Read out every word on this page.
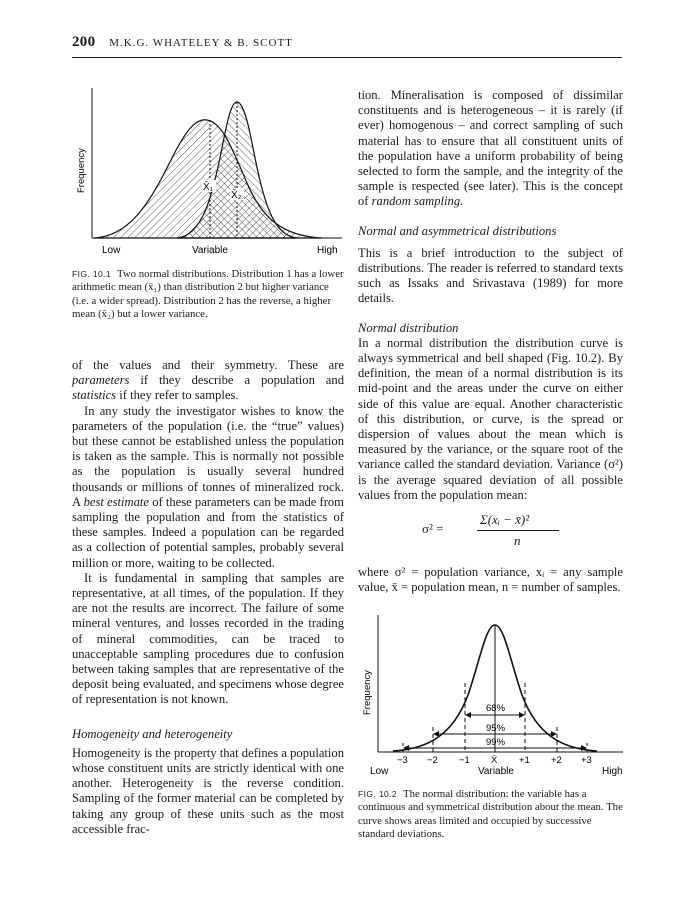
200 M.K.G. WHATELEY & B. SCOTT
X̄₁
X̄₂
Frequency
Low	Variable	High
FIG. 10.1 Two normal distributions. Distribution 1 has a lower arithmetic mean (x̄₁) than distribution 2 but higher variance (i.e. a wider spread). Distribution 2 has the reverse, a higher mean (x̄₂) but a lower variance.

of the values and their symmetry. These are parameters if they describe a population and statistics if they refer to samples.

In any study the investigator wishes to know the parameters of the population (i.e. the “true” values) but these cannot be established unless the population is taken as the sample. This is normally not possible as the population is usually several hundred thousands or millions of tonnes of mineralized rock. A best estimate of these parameters can be made from sampling the population and from the statistics of these samples. Indeed a population can be regarded as a collection of potential samples, probably several million or more, waiting to be collected.

It is fundamental in sampling that samples are representative, at all times, of the population. If they are not the results are incorrect. The failure of some mineral ventures, and losses recorded in the trading of mineral commodities, can be traced to unacceptable sampling procedures due to confusion between taking samples that are representative of the deposit being evaluated, and specimens whose degree of representation is not known.

Homogeneity and heterogeneity

Homogeneity is the property that defines a population whose constituent units are strictly identical with one another. Heterogeneity is the reverse condition. Sampling of the former material can be completed by taking any group of these units such as the most accessible frac-

tion. Mineralisation is composed of dissimilar constituents and is heterogeneous – it is rarely (if ever) homogenous – and correct sampling of such material has to ensure that all constituent units of the population have a uniform probability of being selected to form the sample, and the integrity of the sample is respected (see later). This is the concept of random sampling.

Normal and asymmetrical distributions

This is a brief introduction to the subject of distributions. The reader is referred to standard texts such as Issaks and Srivastava (1989) for more details.

Normal distribution

In a normal distribution the distribution curve is always symmetrical and bell shaped (Fig. 10.2). By definition, the mean of a normal distribution is its mid-point and the areas under the curve on either side of this value are equal. Another characteristic of this distribution, or curve, is the spread or dispersion of values about the mean which is measured by the variance, or the square root of the variance called the standard deviation. Variance (σ²) is the average squared deviation of all possible values from the population mean:

σ² =
Σ(xᵢ − x̄)²
n

where σ² = population variance, xᵢ = any sample value, x̄ = population mean, n = number of samples.

68%
95%
99%
−3 −2 −1 X̄ +1 +2 +3
Low	Variable	High
Frequency
FIG. 10.2 The normal distribution: the variable has a continuous and symmetrical distribution about the mean. The curve shows areas limited and occupied by successive standard deviations.
